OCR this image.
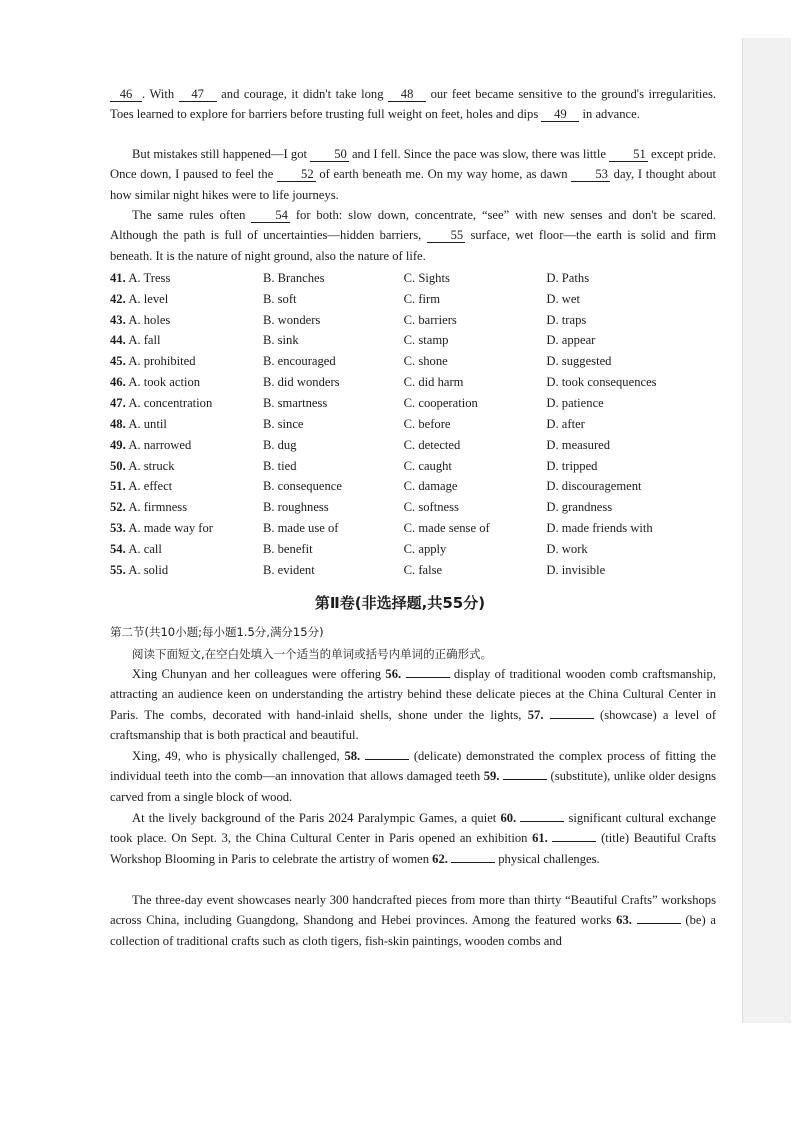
46 . With 47 and courage, it didn't take long 48 our feet became sensitive to the ground's irregularities. Toes learned to explore for barriers before trusting full weight on feet, holes and dips 49 in advance.

But mistakes still happened—I got 50 and I fell. Since the pace was slow, there was little 51 except pride. Once down, I paused to feel the 52 of earth beneath me. On my way home, as dawn 53 day, I thought about how similar night hikes were to life journeys.

The same rules often 54 for both: slow down, concentrate, “see” with new senses and don't be scared. Although the path is full of uncertainties—hidden barriers, 55 surface, wet floor—the earth is solid and firm beneath. It is the nature of night ground, also the nature of life.

41.	A. Tress	B. Branches	C. Sights	D. Paths
42.	A. level	B. soft	C. firm	D. wet
43.	A. holes	B. wonders	C. barriers	D. traps
44.	A. fall	B. sink	C. stamp	D. appear
45.	A. prohibited	B. encouraged	C. shone	D. suggested
46.	A. took action	B. did wonders	C. did harm	D. took consequences
47.	A. concentration	B. smartness	C. cooperation	D. patience
48.	A. until	B. since	C. before	D. after
49.	A. narrowed	B. dug	C. detected	D. measured
50.	A. struck	B. tied	C. caught	D. tripped
51.	A. effect	B. consequence	C. damage	D. discouragement
52.	A. firmness	B. roughness	C. softness	D. grandness
53.	A. made way for	B. made use of	C. made sense of	D. made friends with
54.	A. call	B. benefit	C. apply	D. work
55.	A. solid	B. evident	C. false	D. invisible
第Ⅱ卷(非选择题,共55分)

第二节(共10小题;每小题1.5分,满分15分)

阅读下面短文,在空白处填入一个适当的单词或括号内单词的正确形式。

Xing Chunyan and her colleagues were offering 56.	display of traditional wooden comb craftsmanship, attracting an audience keen on understanding the artistry behind these delicate pieces at the China Cultural Center in Paris. The combs, decorated with hand-inlaid shells, shone under the lights, 57.	(showcase) a level of craftsmanship that is both practical and beautiful.

Xing, 49, who is physically challenged, 58.	(delicate) demonstrated the complex process of fitting the individual teeth into the comb—an innovation that allows damaged teeth 59.	(substitute), unlike older designs carved from a single block of wood.

At the lively background of the Paris 2024 Paralympic Games, a quiet 60.	significant cultural exchange took place. On Sept. 3, the China Cultural Center in Paris opened an exhibition 61.	(title) Beautiful Crafts Workshop Blooming in Paris to celebrate the artistry of women 62.	physical challenges.

The three-day event showcases nearly 300 handcrafted pieces from more than thirty “Beautiful Crafts” workshops across China, including Guangdong, Shandong and Hebei provinces. Among the featured works 63.	(be) a collection of traditional crafts such as cloth tigers, fish-skin paintings, wooden combs and
